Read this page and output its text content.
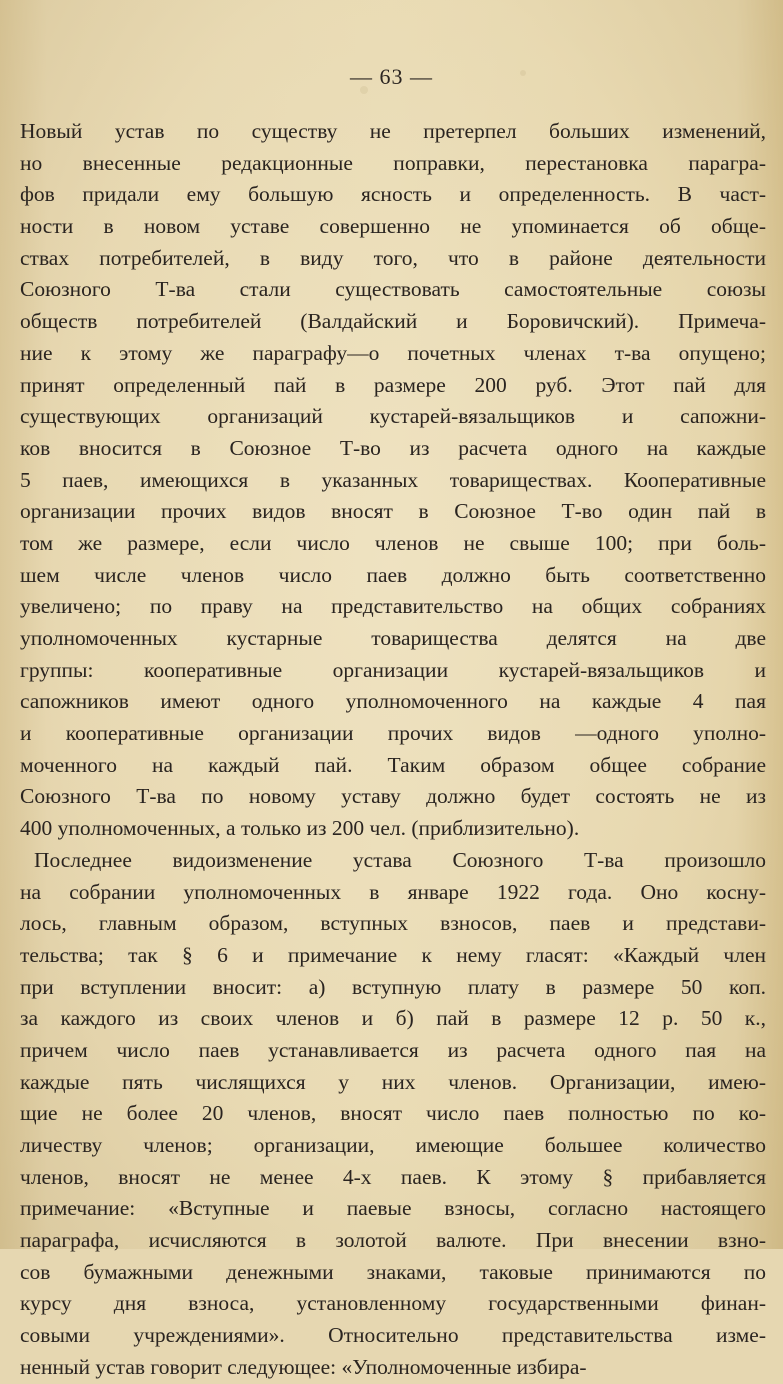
— 63 —
Новый устав по существу не претерпел больших изменений,
но внесенные редакционные поправки, перестановка парагра-
фов придали ему большую ясность и определенность. В част-
ности в новом уставе совершенно не упоминается об обще-
ствах потребителей, в виду того, что в районе деятельности
Союзного Т-ва стали существовать самостоятельные союзы
обществ потребителей (Валдайский и Боровичский). Примеча-
ние к этому же параграфу—о почетных членах т-ва опущено;
принят определенный пай в размере 200 руб. Этот пай для
существующих организаций кустарей-вязальщиков и сапожни-
ков вносится в Союзное Т-во из расчета одного на каждые
5 паев, имеющихся в указанных товариществах. Кооперативные
организации прочих видов вносят в Союзное Т-во один пай в
том же размере, если число членов не свыше 100; при боль-
шем числе членов число паев должно быть соответственно
увеличено; по праву на представительство на общих собраниях
уполномоченных кустарные товарищества делятся на две
группы: кооперативные организации кустарей-вязальщиков и
сапожников имеют одного уполномоченного на каждые 4 пая
и кооперативные организации прочих видов —одного уполно-
моченного на каждый пай. Таким образом общее собрание
Союзного Т-ва по новому уставу должно будет состоять не из
400 уполномоченных, а только из 200 чел. (приблизительно).
Последнее видоизменение устава Союзного Т-ва произошло
на собрании уполномоченных в январе 1922 года. Оно косну-
лось, главным образом, вступных взносов, паев и представи-
тельства; так § 6 и примечание к нему гласят: «Каждый член
при вступлении вносит: а) вступную плату в размере 50 коп.
за каждого из своих членов и б) пай в размере 12 р. 50 к.,
причем число паев устанавливается из расчета одного пая на
каждые пять числящихся у них членов. Организации, имею-
щие не более 20 членов, вносят число паев полностью по ко-
личеству членов; организации, имеющие большее количество
членов, вносят не менее 4-х паев. К этому § прибавляется
примечание: «Вступные и паевые взносы, согласно настоящего
параграфа, исчисляются в золотой валюте. При внесении взно-
сов бумажными денежными знаками, таковые принимаются по
курсу дня взноса, установленному государственными финан-
совыми учреждениями». Относительно представительства изме-
ненный устав говорит следующее: «Уполномоченные избира-
